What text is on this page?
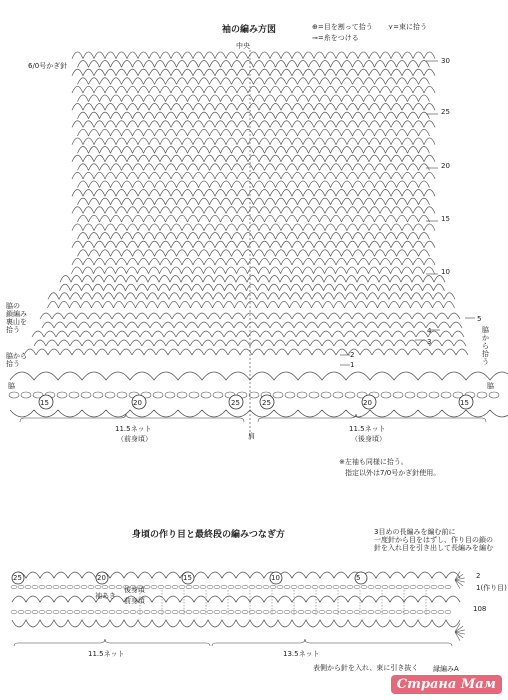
袖の編み方図	⊕=目を割って拾う
⊸=糸をつける
⋎=束に拾う
6/0号かぎ針
中央
30
25
20
15
10
5
4
3
2
1
脇から拾う
脇の
鎖編み
裏山を
拾う
脇から
拾う
脇	脇
15	20	25	25	20	15
11.5ネット
（前身頃）
11.5ネット
（後身頃）
肩
※左袖も同様に拾う。
指定以外は7/0号かぎ針使用。
身頃の作り目と最終段の編みつなぎ方	3目めの長編みを編む前に
一度針から目をはずし、作り目の鎖の
針を入れ目を引き出して長編みを編む
25	20	15	10	5
袖あき
後身頃
前身頃
2
1(作り目)
108
11.5ネット	13.5ネット
表側から針を入れ、束に引き抜く 縁編みA
Страна Мам
